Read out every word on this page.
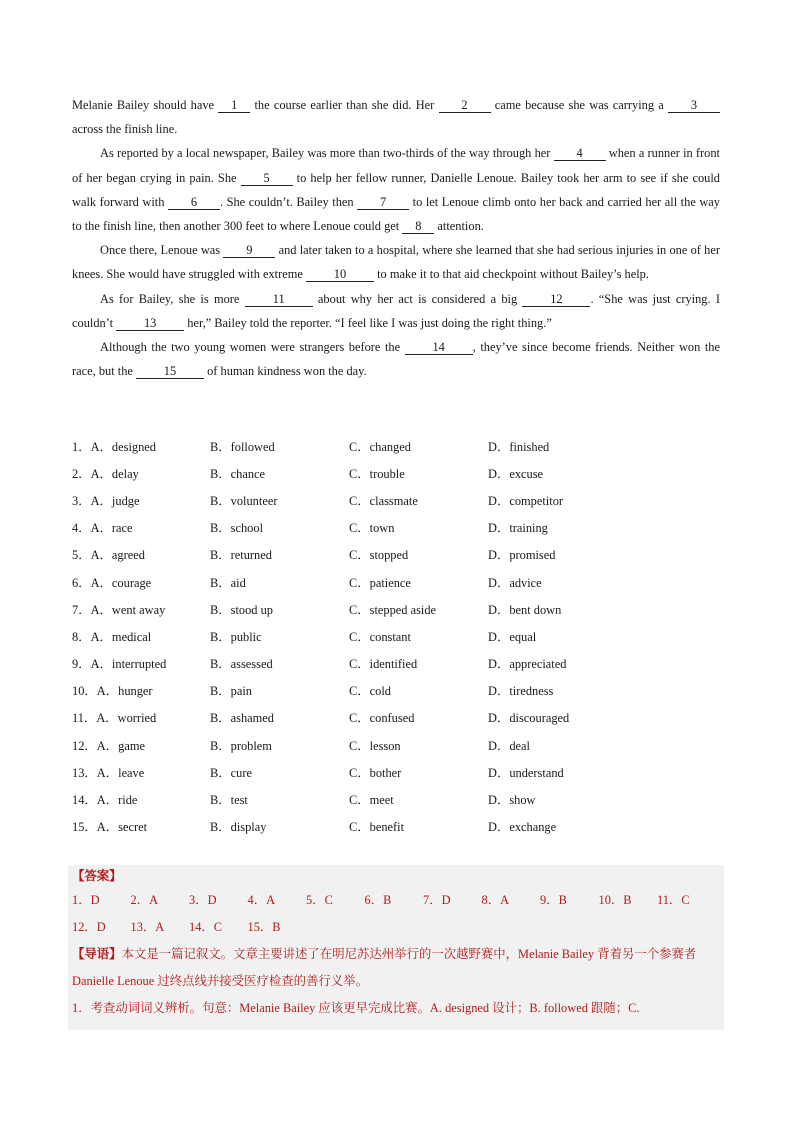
Melanie Bailey should have 1 the course earlier than she did. Her 2 came because she was carrying a 3 across the finish line.

As reported by a local newspaper, Bailey was more than two-thirds of the way through her 4 when a runner in front of her began crying in pain. She 5 to help her fellow runner, Danielle Lenoue. Bailey took her arm to see if she could walk forward with 6 . She couldn’t. Bailey then 7 to let Lenoue climb onto her back and carried her all the way to the finish line, then another 300 feet to where Lenoue could get 8 attention.

Once there, Lenoue was 9 and later taken to a hospital, where she learned that she had serious injuries in one of her knees. She would have struggled with extreme 10 to make it to that aid checkpoint without Bailey’s help.

As for Bailey, she is more 11 about why her act is considered a big 12 . “She was just crying. I couldn’t 13 her,” Bailey told the reporter. “I feel like I was just doing the right thing.”

Although the two young women were strangers before the 14 , they’ve since become friends. Neither won the race, but the 15 of human kindness won the day.

1．A．designed	B．followed	C．changed	D．finished
2．A．delay	B．chance	C．trouble	D．excuse
3．A．judge	B．volunteer	C．classmate	D．competitor
4．A．race	B．school	C．town	D．training
5．A．agreed	B．returned	C．stopped	D．promised
6．A．courage	B．aid	C．patience	D．advice
7．A．went away	B．stood up	C．stepped aside	D．bent down
8．A．medical	B．public	C．constant	D．equal
9．A．interrupted	B．assessed	C．identified	D．appreciated
10．A．hunger	B．pain	C．cold	D．tiredness
11．A．worried	B．ashamed	C．confused	D．discouraged
12．A．game	B．problem	C．lesson	D．deal
13．A．leave	B．cure	C．bother	D．understand
14．A．ride	B．test	C．meet	D．show
15．A．secret	B．display	C．benefit	D．exchange
【答案】
1．D 2．A 3．D 4．A 5．C	6．B	7．D 8．A 9．B	10．B 11．C
12．D 13．A 14．C 15．B
【导语】本文是一篇记叙文。文章主要讲述了在明尼苏达州举行的一次越野赛中，Melanie Bailey 背着另一个参赛者 Danielle Lenoue 过终点线并接受医疗检查的善行义举。
1．考查动词词义辨析。句意：Melanie Bailey 应该更早完成比赛。A. designed 设计；B. followed 跟随；C.
